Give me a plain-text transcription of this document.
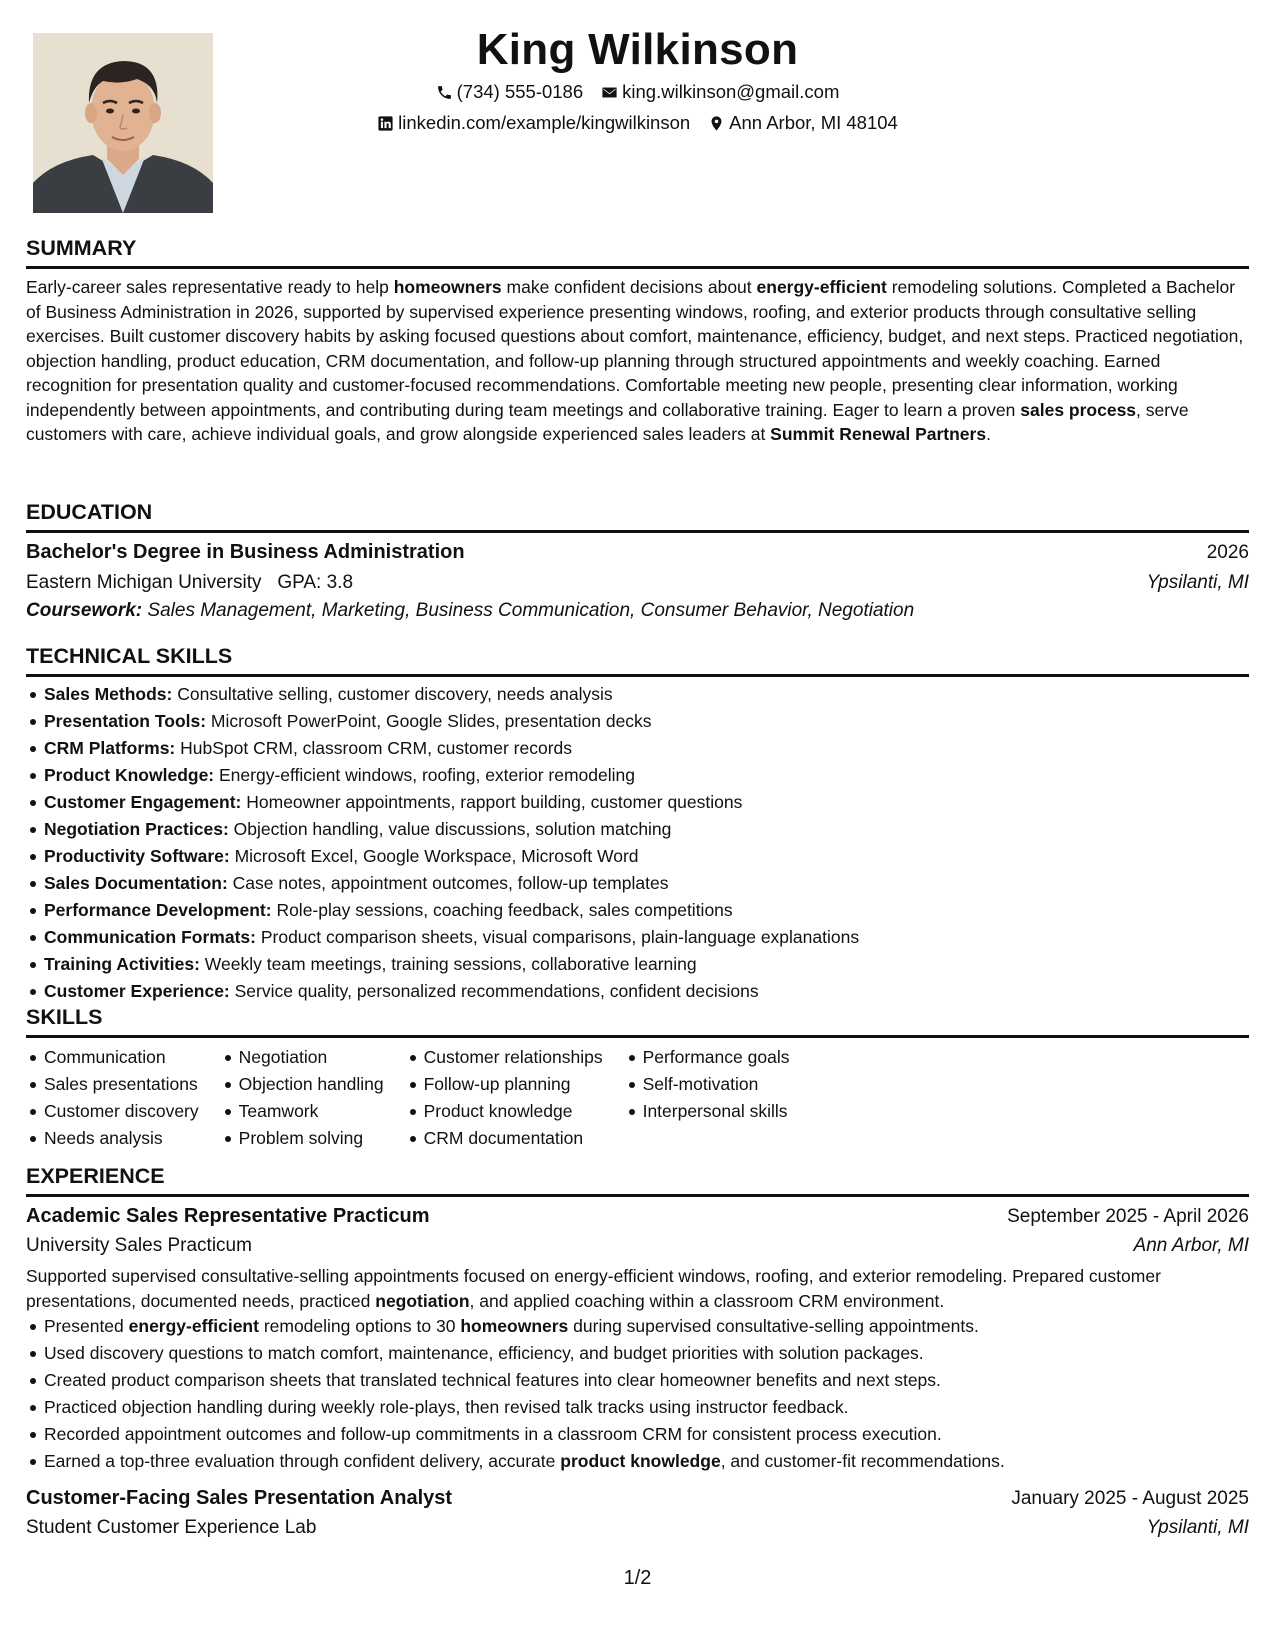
King Wilkinson
(734) 555-0186 king.wilkinson@gmail.com
linkedin.com/example/kingwilkinson Ann Arbor, MI 48104
SUMMARY

Early-career sales representative ready to help homeowners make confident decisions about energy-efficient remodeling solutions. Completed a Bachelor of Business Administration in 2026, supported by supervised experience presenting windows, roofing, and exterior products through consultative selling exercises. Built customer discovery habits by asking focused questions about comfort, maintenance, efficiency, budget, and next steps. Practiced negotiation, objection handling, product education, CRM documentation, and follow-up planning through structured appointments and weekly coaching. Earned recognition for presentation quality and customer-focused recommendations. Comfortable meeting new people, presenting clear information, working independently between appointments, and contributing during team meetings and collaborative training. Eager to learn a proven sales process, serve customers with care, achieve individual goals, and grow alongside experienced sales leaders at Summit Renewal Partners.

EDUCATION
Bachelor's Degree in Business Administration	2026
Eastern Michigan University GPA: 3.8	Ypsilanti, MI
Coursework: Sales Management, Marketing, Business Communication, Consumer Behavior, Negotiation
TECHNICAL SKILLS
Sales Methods: Consultative selling, customer discovery, needs analysis
Presentation Tools: Microsoft PowerPoint, Google Slides, presentation decks
CRM Platforms: HubSpot CRM, classroom CRM, customer records
Product Knowledge: Energy-efficient windows, roofing, exterior remodeling
Customer Engagement: Homeowner appointments, rapport building, customer questions
Negotiation Practices: Objection handling, value discussions, solution matching
Productivity Software: Microsoft Excel, Google Workspace, Microsoft Word
Sales Documentation: Case notes, appointment outcomes, follow-up templates
Performance Development: Role-play sessions, coaching feedback, sales competitions
Communication Formats: Product comparison sheets, visual comparisons, plain-language explanations
Training Activities: Weekly team meetings, training sessions, collaborative learning
Customer Experience: Service quality, personalized recommendations, confident decisions
SKILLS
Communication
Sales presentations
Customer discovery
Needs analysis
Negotiation
Objection handling
Teamwork
Problem solving
Customer relationships
Follow-up planning
Product knowledge
CRM documentation
Performance goals
Self-motivation
Interpersonal skills
EXPERIENCE
Academic Sales Representative Practicum	September 2025 - April 2026
University Sales Practicum	Ann Arbor, MI

Supported supervised consultative-selling appointments focused on energy-efficient windows, roofing, and exterior remodeling. Prepared customer presentations, documented needs, practiced negotiation, and applied coaching within a classroom CRM environment.

Presented energy-efficient remodeling options to 30 homeowners during supervised consultative-selling appointments.
Used discovery questions to match comfort, maintenance, efficiency, and budget priorities with solution packages.
Created product comparison sheets that translated technical features into clear homeowner benefits and next steps.
Practiced objection handling during weekly role-plays, then revised talk tracks using instructor feedback.
Recorded appointment outcomes and follow-up commitments in a classroom CRM for consistent process execution.
Earned a top-three evaluation through confident delivery, accurate product knowledge, and customer-fit recommendations.
Customer-Facing Sales Presentation Analyst	January 2025 - August 2025
Student Customer Experience Lab	Ypsilanti, MI
1/2
